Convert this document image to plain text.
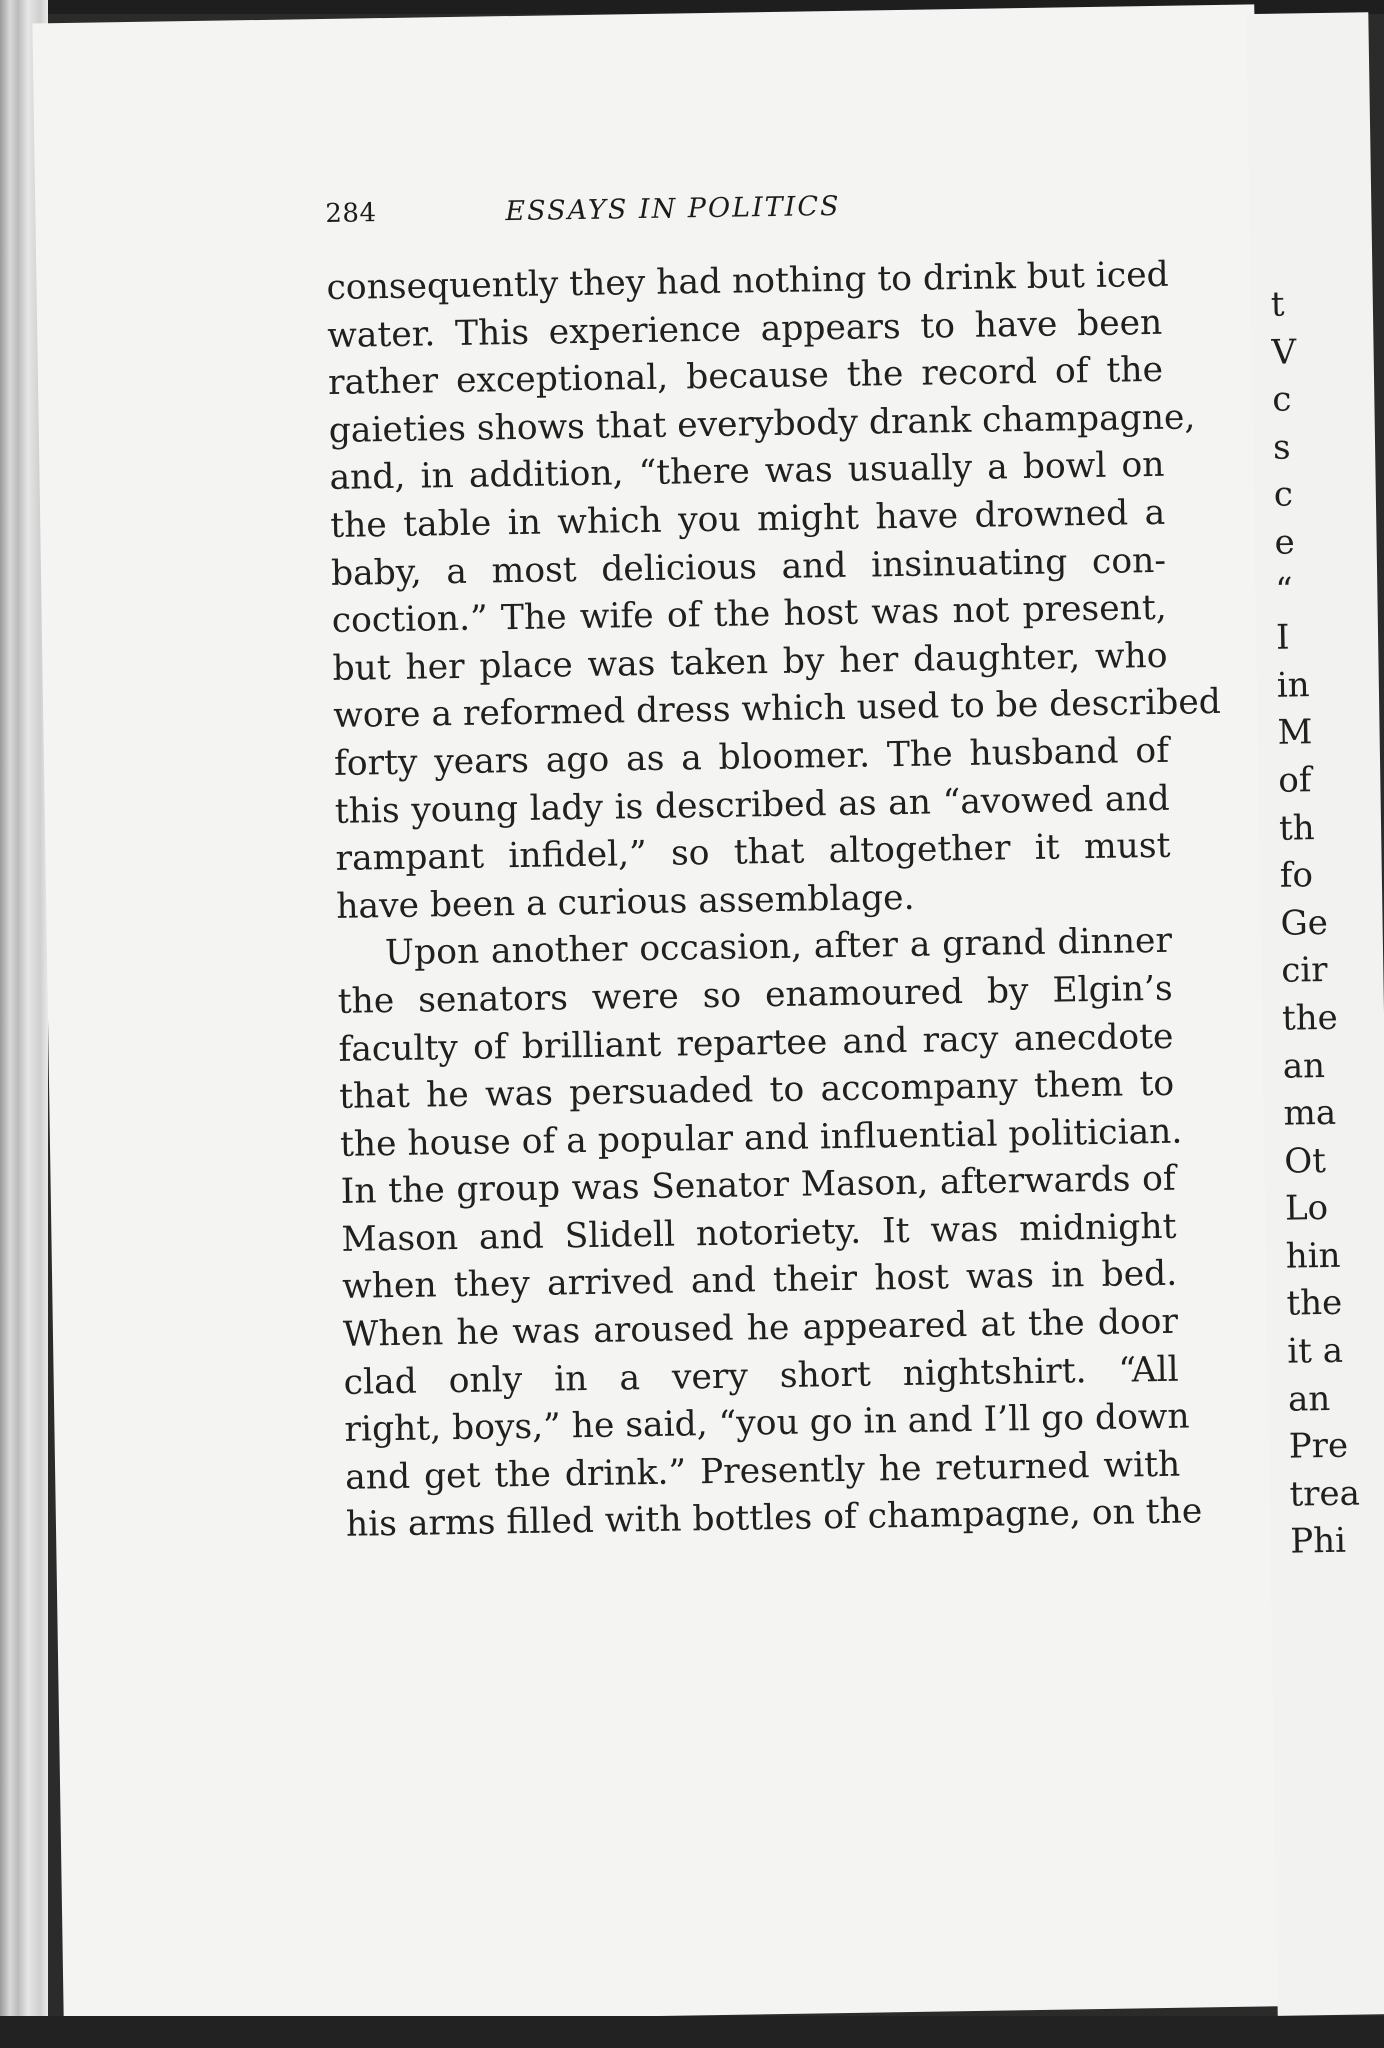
284	ESSAYS IN POLITICS
consequently they had nothing to drink but iced
water. This experience appears to have been
rather exceptional, because the record of the
gaieties shows that everybody drank champagne,
and, in addition, “there was usually a bowl on
the table in which you might have drowned a
baby, a most delicious and insinuating con-
coction.” The wife of the host was not present,
but her place was taken by her daughter, who
wore a reformed dress which used to be described
forty years ago as a bloomer. The husband of
this young lady is described as an “avowed and
rampant infidel,” so that altogether it must
have been a curious assemblage.
Upon another occasion, after a grand dinner
the senators were so enamoured by Elgin’s
faculty of brilliant repartee and racy anecdote
that he was persuaded to accompany them to
the house of a popular and influential politician.
In the group was Senator Mason, afterwards of
Mason and Slidell notoriety. It was midnight
when they arrived and their host was in bed.
When he was aroused he appeared at the door
clad only in a very short nightshirt. “All
right, boys,” he said, “you go in and I’ll go down
and get the drink.” Presently he returned with
his arms filled with bottles of champagne, on the
t
V
c
s
c
e
“
I
in
M
of
th
fo
Ge
cir
the
an
ma
Ot
Lo
hin
the
it a
an
Pre
trea
Phi
